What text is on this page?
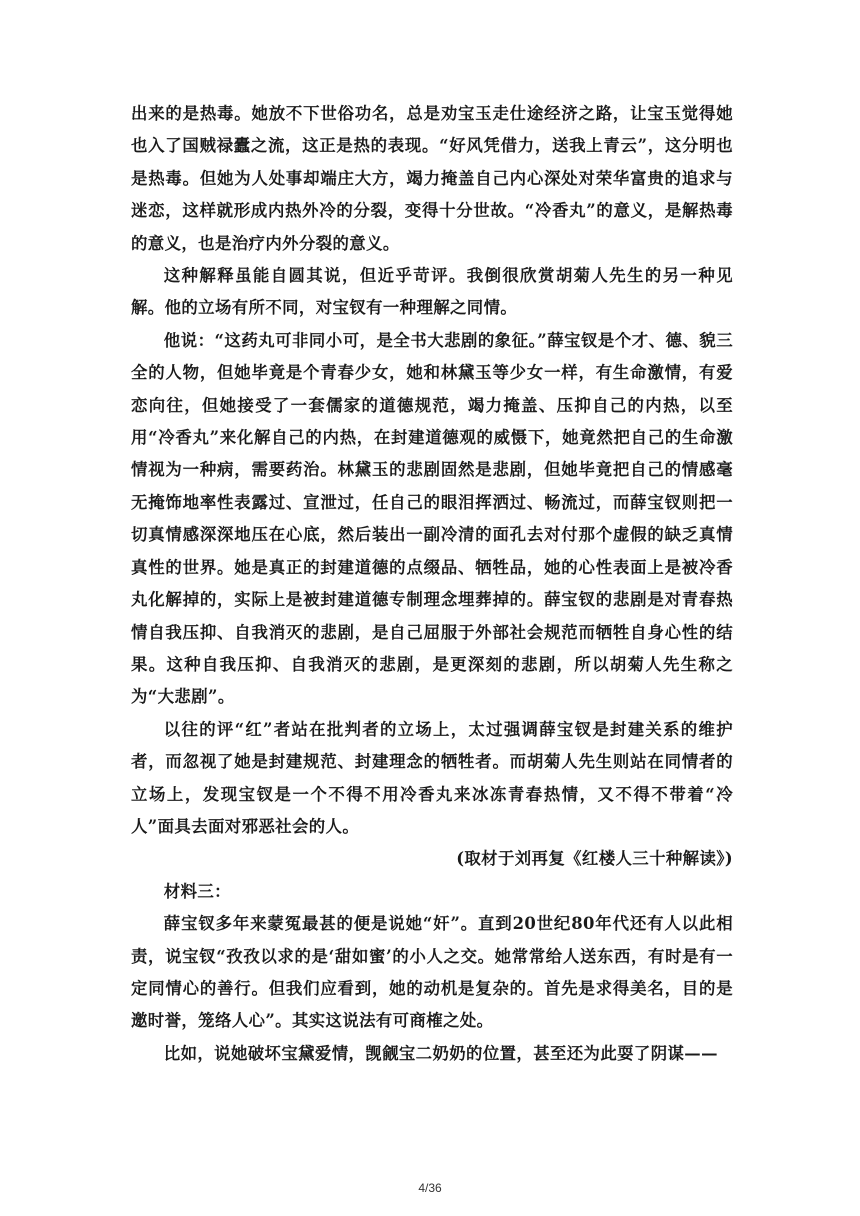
出来的是热毒。她放不下世俗功名，总是劝宝玉走仕途经济之路，让宝玉觉得她也入了国贼禄蠹之流，这正是热的表现。“好风凭借力，送我上青云”，这分明也是热毒。但她为人处事却端庄大方，竭力掩盖自己内心深处对荣华富贵的追求与迷恋，这样就形成内热外冷的分裂，变得十分世故。“冷香丸”的意义，是解热毒的意义，也是治疗内外分裂的意义。

这种解释虽能自圆其说，但近乎苛评。我倒很欣赏胡菊人先生的另一种见解。他的立场有所不同，对宝钗有一种理解之同情。

他说：“这药丸可非同小可，是全书大悲剧的象征。”薛宝钗是个才、德、貌三全的人物，但她毕竟是个青春少女，她和林黛玉等少女一样，有生命激情，有爱恋向往，但她接受了一套儒家的道德规范，竭力掩盖、压抑自己的内热，以至用“冷香丸”来化解自己的内热，在封建道德观的威慑下，她竟然把自己的生命激情视为一种病，需要药治。林黛玉的悲剧固然是悲剧，但她毕竟把自己的情感毫无掩饰地率性表露过、宣泄过，任自己的眼泪挥洒过、畅流过，而薛宝钗则把一切真情感深深地压在心底，然后装出一副冷清的面孔去对付那个虚假的缺乏真情真性的世界。她是真正的封建道德的点缀品、牺牲品，她的心性表面上是被冷香丸化解掉的，实际上是被封建道德专制理念埋葬掉的。薛宝钗的悲剧是对青春热情自我压抑、自我消灭的悲剧，是自己屈服于外部社会规范而牺牲自身心性的结果。这种自我压抑、自我消灭的悲剧，是更深刻的悲剧，所以胡菊人先生称之为“大悲剧”。

以往的评“红”者站在批判者的立场上，太过强调薛宝钗是封建关系的维护者，而忽视了她是封建规范、封建理念的牺牲者。而胡菊人先生则站在同情者的立场上，发现宝钗是一个不得不用冷香丸来冰冻青春热情，又不得不带着“冷人”面具去面对邪恶社会的人。

(取材于刘再复《红楼人三十种解读》)

材料三：

薛宝钗多年来蒙冤最甚的便是说她“奸”。直到20世纪80年代还有人以此相责，说宝钗“孜孜以求的是‘甜如蜜’的小人之交。她常常给人送东西，有时是有一定同情心的善行。但我们应看到，她的动机是复杂的。首先是求得美名，目的是邀时誉，笼络人心”。其实这说法有可商榷之处。

比如，说她破坏宝黛爱情，觊觎宝二奶奶的位置，甚至还为此耍了阴谋——

4/36
